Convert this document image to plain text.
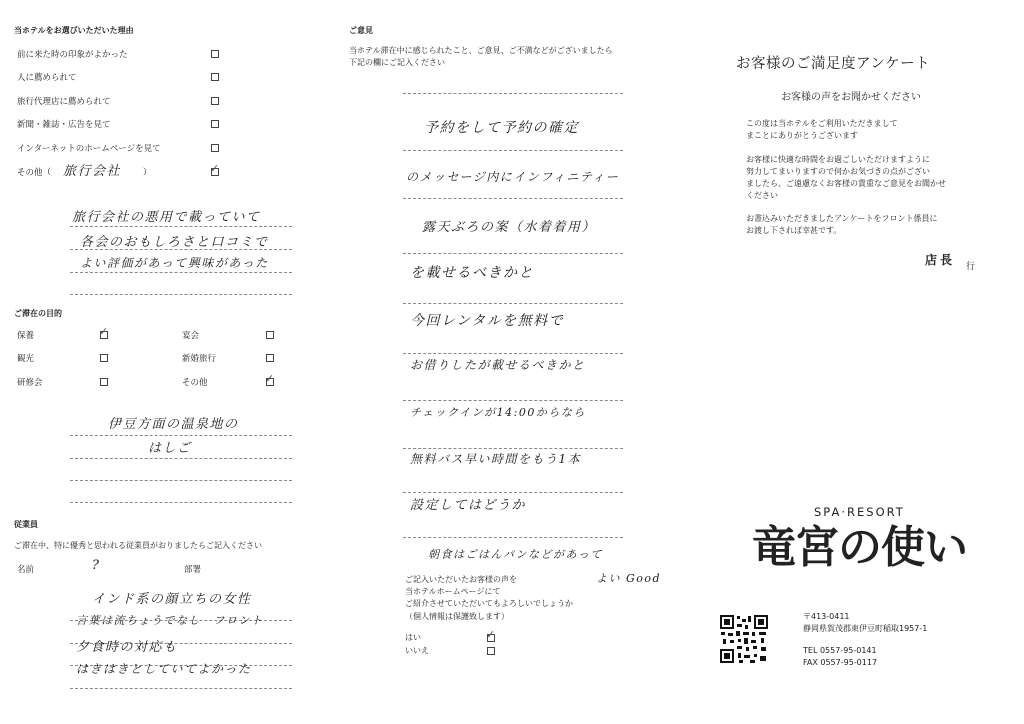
当ホテルをお選びいただいた理由
前に来た時の印象がよかった
人に薦められて
旅行代理店に薦められて
新聞・雑誌・広告を見て
インターネットのホームページを見て
その他（ 旅行会社	）	✓
旅行会社の悪用で載っていて
各会のおもしろさと口コミで
よい評価があって興味があった
ご滞在の目的
保養	✓	宴会
観光	新婚旅行
研修会	その他	✓
伊豆方面の温泉地の
はしご
従業員
ご滞在中、特に優秀と思われる従業員がおりましたらご記入ください
名前	?	部署
インド系の顔立ちの女性
言葉は流ちょうでなし　フロント
夕食時の対応も
はきはきとしていてよかった
ご意見
当ホテル滞在中に感じられたこと、ご意見、ご不満などがございましたら
下記の欄にご記入ください
予約をして予約の確定
のメッセージ内にインフィニティー
露天ぶろの案（水着着用）
を載せるべきかと
今回レンタルを無料で
お借りしたが載せるべきかと
チェックインが14:00からなら
無料バス早い時間をもう1本
設定してはどうか
朝食はごはんパンなどがあって
よい Good
ご記入いただいたお客様の声を
当ホテルホームページにて
ご紹介させていただいてもよろしいでしょうか
（個人情報は保護致します）
はい	✓
いいえ
お客様のご満足度アンケート
お客様の声をお聞かせください
この度は当ホテルをご利用いただきまして
まことにありがとうございます
お客様に快適な時間をお過ごしいただけますように
努力してまいりますので何かお気づきの点がござい
ましたら、ご遠慮なくお客様の貴重なご意見をお聞かせ
ください
お書込みいただきましたアンケートをフロント係員に
お渡し下されば幸甚です。
店長 行
SPA·RESORT
竜宮の使い
〒413-0411
静岡県賀茂郡東伊豆町稲取1957-1
TEL 0557-95-0141
FAX 0557-95-0117
